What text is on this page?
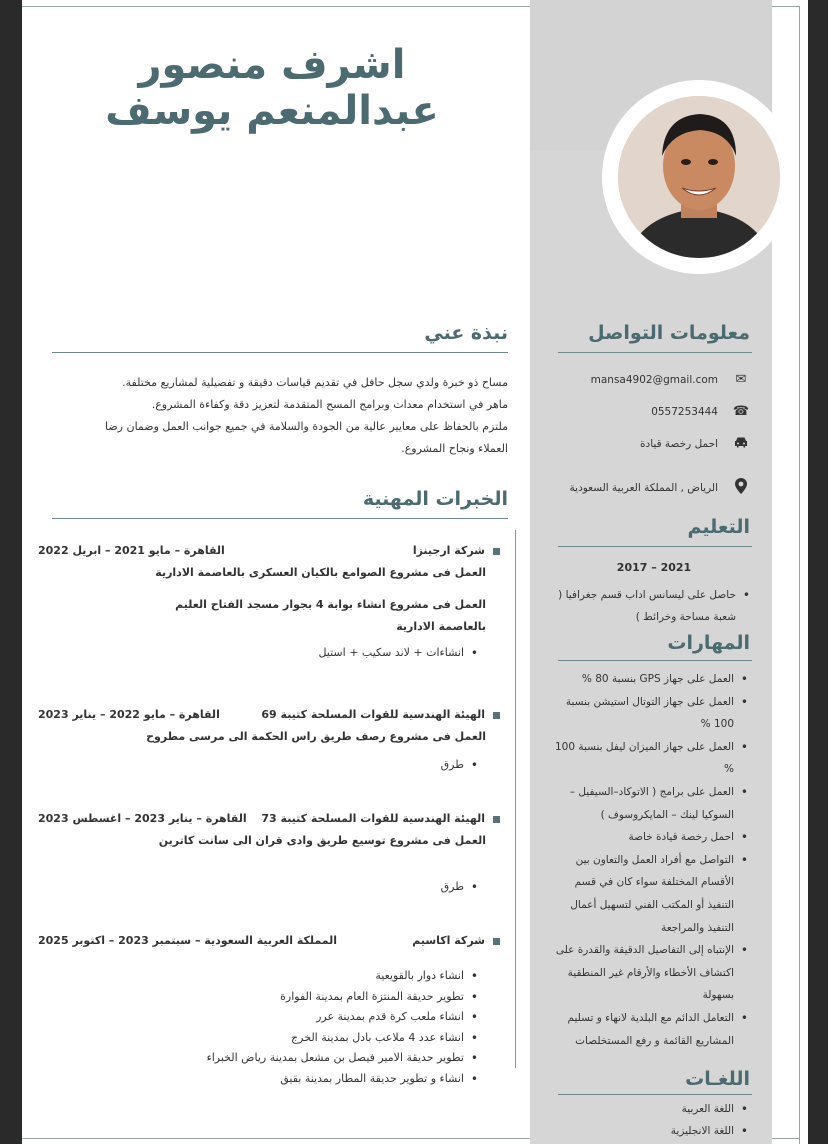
اشرف منصور
عبدالمنعم يوسف
نبذة عني
مساح ذو خبرة ولدي سجل حافل في تقديم قياسات دقيقة و تفصيلية لمشاريع مختلفة.
ماهر في استخدام معدات وبرامج المسح المتقدمة لتعزيز دقة وكفاءة المشروع.
ملتزم بالحفاظ على معايير عالية من الجودة والسلامة في جميع جوانب العمل وضمان رضا
العملاء ونجاح المشروع.
معلومات التواصل
✉
mansa4902@gmail.com
☎
0557253444
احمل رخصة قيادة
الرياض , المملكة العربية السعودية
التعليم
2017 – 2021
• حاصل على ليسانس اداب قسم جغرافيا ( شعبة مساحة وخرائط )
المهارات
• العمل على جهاز GPS بنسبة 80 %
• العمل على جهاز التوتال استيشن بنسبة 100 %
• العمل على جهاز الميزان ليفل بنسبة 100 %
• العمل على برامج ( الاتوكاد–السيفيل – السوكيا لينك – المايكروسوف )
• احمل رخصة قيادة خاصة
• التواصل مع أفراد العمل والتعاون بين الأقسام المختلفة سواء كان في قسم التنفيذ أو المكتب الفني لتسهيل أعمال التنفيذ والمراجعة
• الإنتباه إلى التفاصيل الدقيقة والقدرة على اكتشاف الأخطاء والأرقام غير المنطقية بسهولة
• التعامل الدائم مع البلدية لانهاء و تسليم المشاريع القائمة و رفع المستخلصات
اللغـات
• اللغة العربية
• اللغة الانجليزية
الخبرات المهنية
شركة ارجينزا
القاهرة – مايو 2021 – ابريل 2022
العمل فى مشروع الصوامع بالكيان العسكرى بالعاصمة الادارية
العمل فى مشروع انشاء بوابة 4 بجوار مسجد الفتاح العليم
بالعاصمة الادارية
• انشاءات + لاند سكيب + استيل
الهيئة الهندسية للقوات المسلحة كتيبة 69
القاهرة – مايو 2022 – يناير 2023
العمل فى مشروع رصف طريق راس الحكمة الى مرسى مطروح
• طرق
الهيئة الهندسية للقوات المسلحة كتيبة 73
القاهرة – يناير 2023 – اغسطس 2023
العمل فى مشروع توسيع طريق وادى قران الى سانت كاترين
• طرق
شركة اكاسيم
المملكة العربية السعودية – سبتمبر 2023 – اكتوبر 2025
• انشاء دوار بالقويعية
• تطوير حديقة المنتزة العام بمدينة الفوارة
• انشاء ملعب كرة قدم بمدينة عرر
• انشاء عدد 4 ملاعب بادل بمدينة الخرج
• تطوير حديقة الامير فيصل بن مشعل بمدينة رياض الخبراء
• انشاء و تطوير حديقة المطار بمدينة بقيق
